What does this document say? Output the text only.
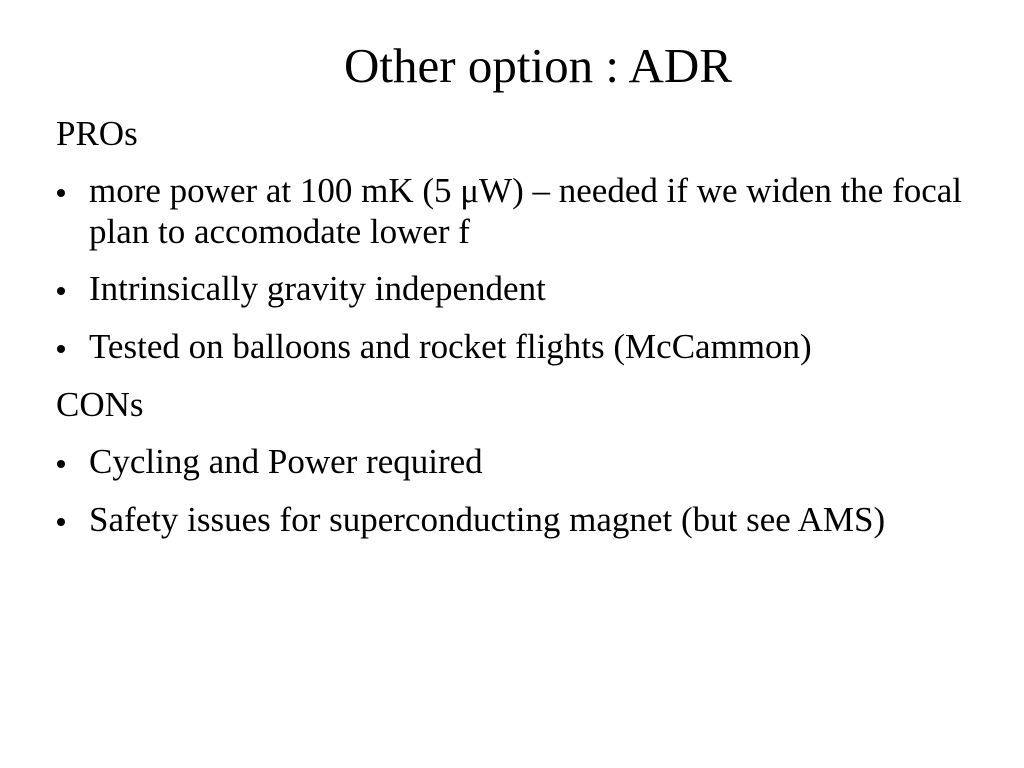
Other option : ADR
PROs
more power at 100 mK (5 μW) – needed if we widen the focal plan to accomodate lower f
Intrinsically gravity independent
Tested on balloons and rocket flights (McCammon)
CONs
Cycling and Power required
Safety issues for superconducting magnet (but see AMS)
